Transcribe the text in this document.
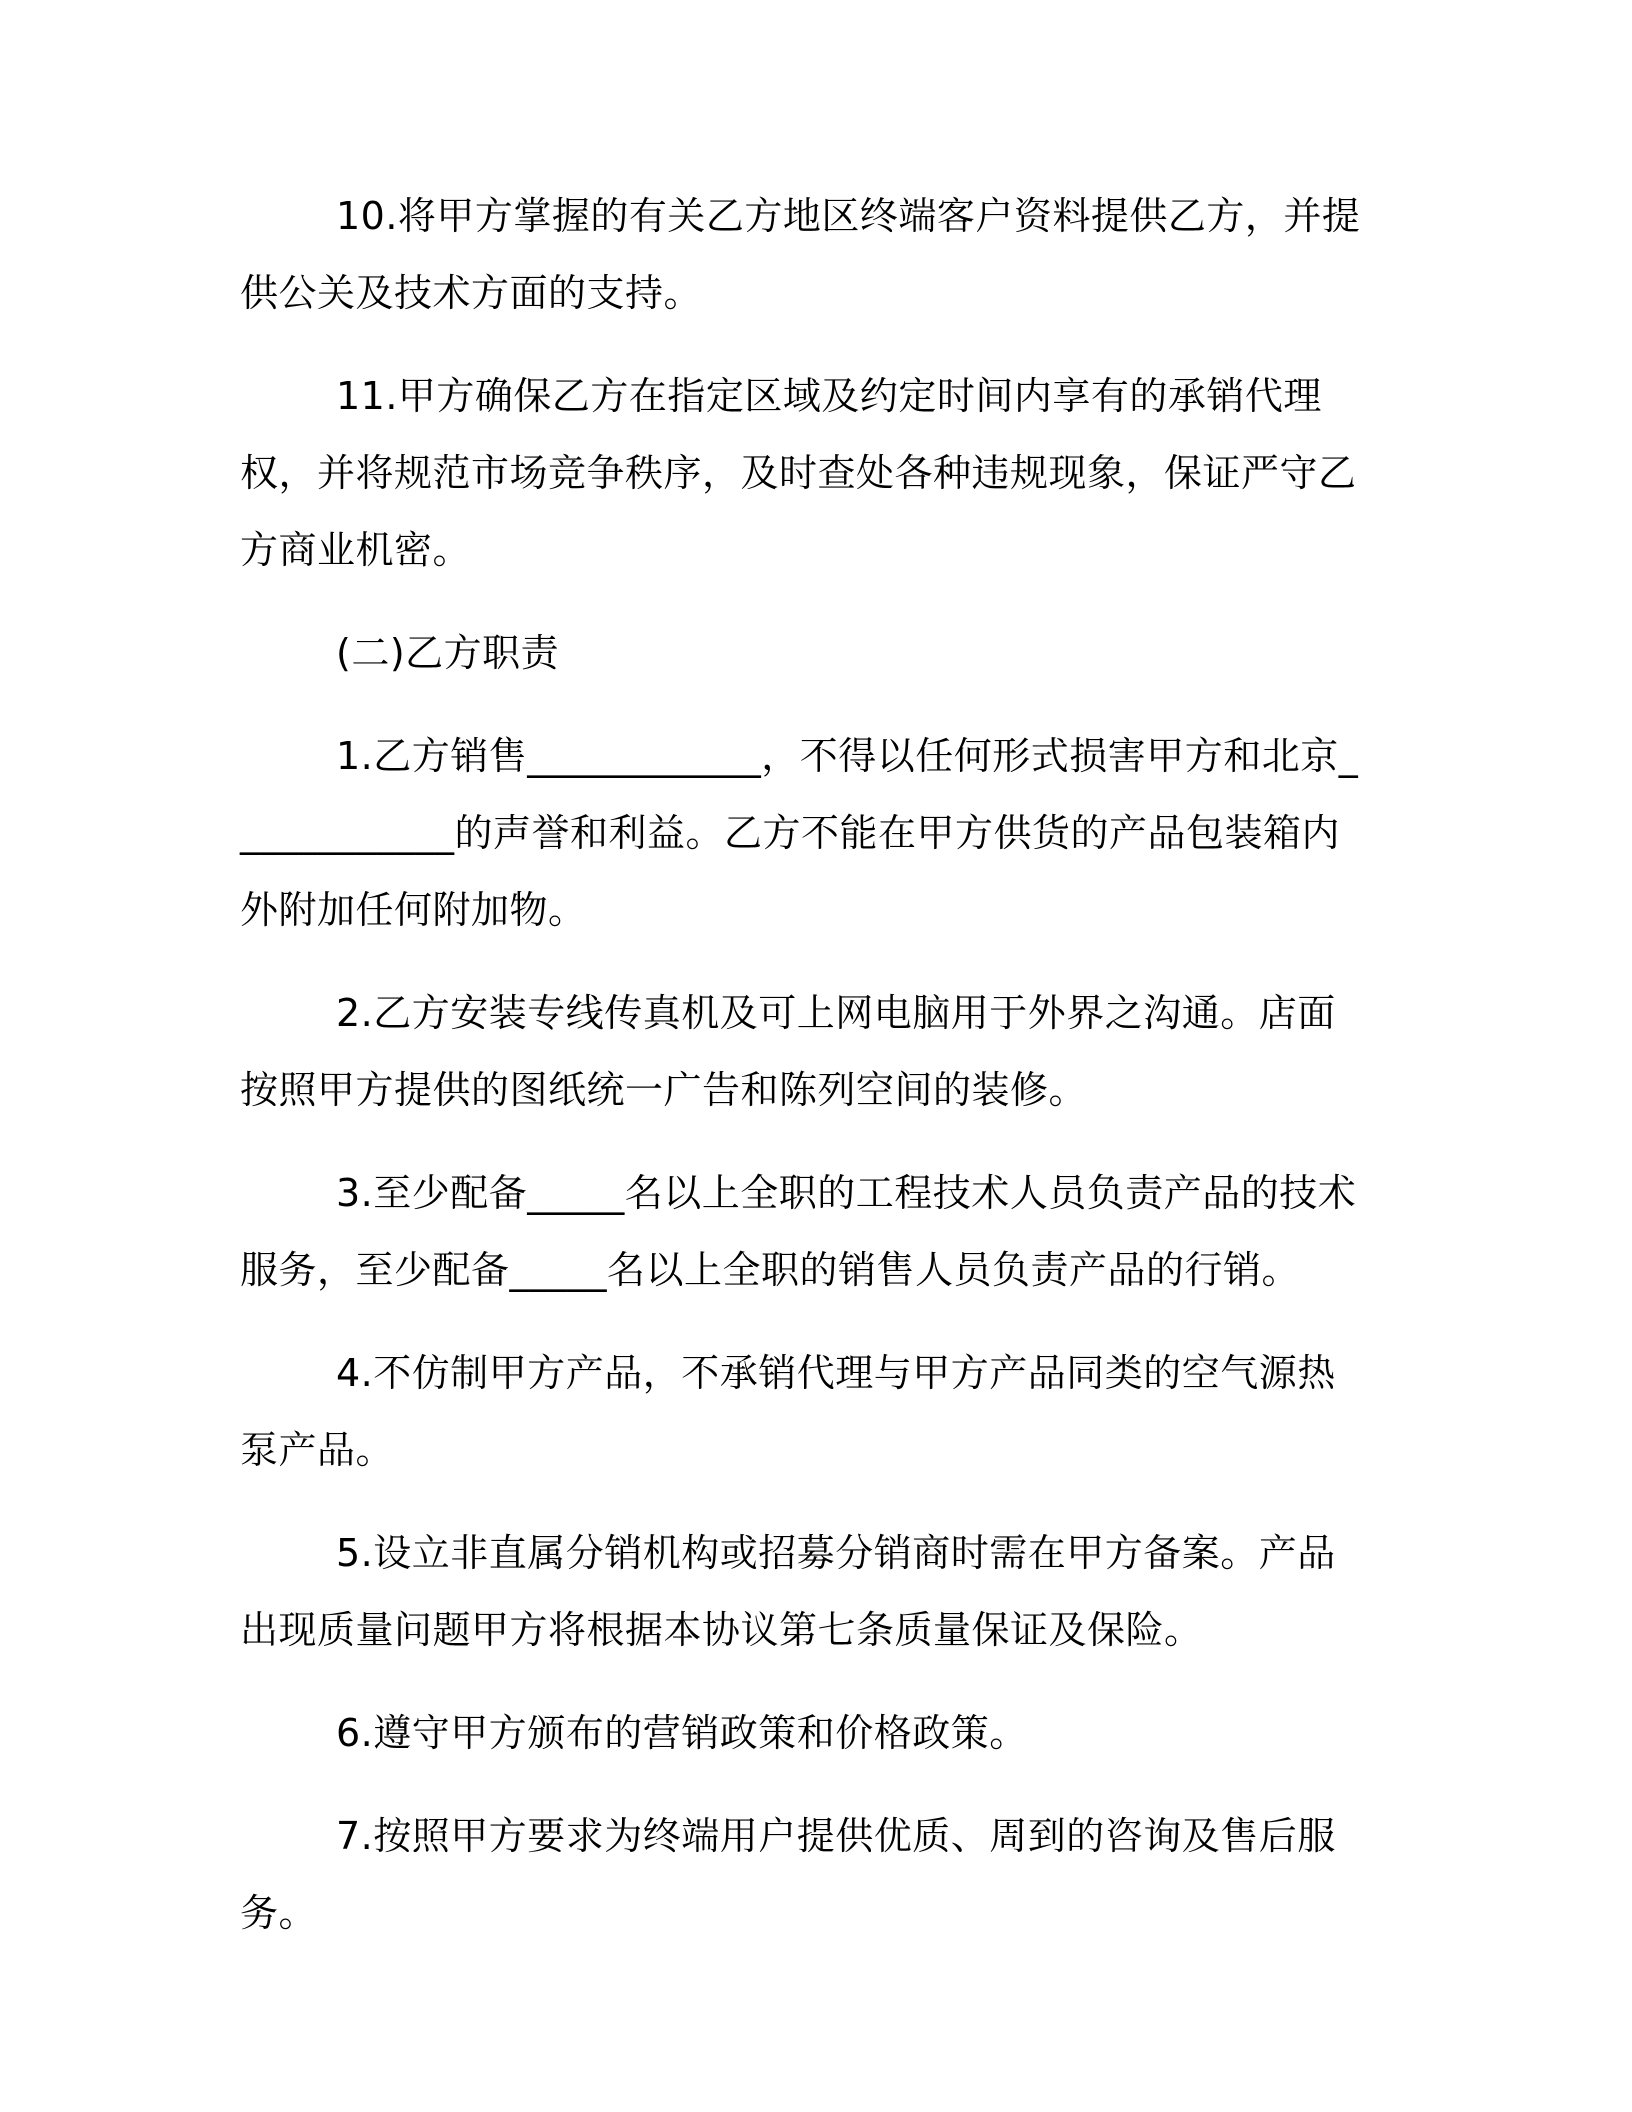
10.将甲方掌握的有关乙方地区终端客户资料提供乙方，并提供公关及技术方面的支持。

11.甲方确保乙方在指定区域及约定时间内享有的承销代理权，并将规范市场竞争秩序，及时查处各种违规现象，保证严守乙方商业机密。

(二)乙方职责

1.乙方销售____________，不得以任何形式损害甲方和北京____________的声誉和利益。乙方不能在甲方供货的产品包装箱内外附加任何附加物。

2.乙方安装专线传真机及可上网电脑用于外界之沟通。店面按照甲方提供的图纸统一广告和陈列空间的装修。

3.至少配备_____名以上全职的工程技术人员负责产品的技术服务，至少配备_____名以上全职的销售人员负责产品的行销。

4.不仿制甲方产品，不承销代理与甲方产品同类的空气源热泵产品。

5.设立非直属分销机构或招募分销商时需在甲方备案。产品出现质量问题甲方将根据本协议第七条质量保证及保险。

6.遵守甲方颁布的营销政策和价格政策。

7.按照甲方要求为终端用户提供优质、周到的咨询及售后服务。
